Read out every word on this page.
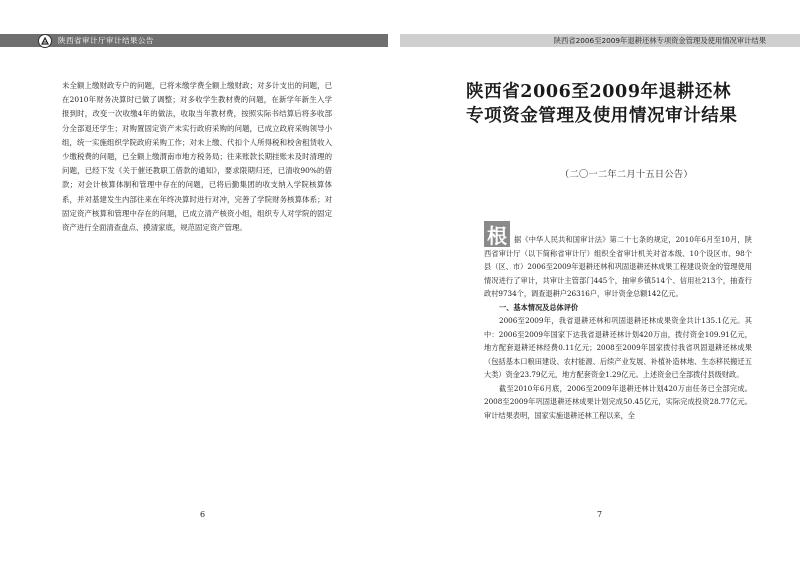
陕西省审计厅审计结果公告	陕西省2006至2009年退耕还林专项资金管理及使用情况审计结果

未全额上缴财政专户的问题，已将未缴学费全额上缴财政；对多计支出的问题，已在2010年财务决算时已做了调整；对多收学生教材费的问题，在新学年新生入学报到时，改变一次收缴4年的做法，收取当年教材费，按照实际书结算后将多收部分全部退还学生；对购置固定资产未实行政府采购的问题，已成立政府采购领导小组，统一实施组织学院政府采购工作；对未上缴、代扣个人所得税和校舍租赁收入少缴税费的问题，已全额上缴渭南市地方税务局；往来账款长期挂账未及时清理的问题，已经下发《关于催还教职工借款的通知》，要求限期归还，已清收90%的借款；对会计核算体制和管理中存在的问题，已将后勤集团的收支纳入学院核算体系，并对基建发生内部往来在年终决算时进行对冲，完善了学院财务核算体系；对固定资产核算和管理中存在的问题，已成立清产核资小组，组织专人对学院的固定资产进行全面清查盘点、摸清家底，规范固定资产管理。

陕西省2006至2009年退耕还林
专项资金管理及使用情况审计结果
（二〇一二年二月十五日公告）
根 据《中华人民共和国审计法》第二十七条的规定，2010年6月至10月，陕西省审计厅（以下简称省审计厅）组织全省审计机关对省本级、10个设区市、98个县（区、市）2006至2009年退耕还林和巩固退耕还林成果工程建设资金的管理使用情况进行了审计，共审计主管部门445个，抽审乡镇514个、信用社213个，抽查行政村9734个，调查退耕户26316户，审计资金总额142亿元。

一、基本情况及总体评价

2006至2009年，我省退耕还林和巩固退耕还林成果资金共计135.1亿元。其中：2006至2009年国家下达我省退耕还林计划420万亩，拨付资金109.91亿元，地方配套退耕还林经费0.11亿元；2008至2009年国家拨付我省巩固退耕还林成果（包括基本口粮田建设、农村能源、后续产业发展、补植补造林地、生态移民搬迁五大类）资金23.79亿元，地方配套资金1.29亿元。上述资金已全部拨付县级财政。

截至2010年6月底，2006至2009年退耕还林计划420万亩任务已全部完成。2008至2009年巩固退耕还林成果计划完成50.45亿元，实际完成投资28.77亿元。审计结果表明，国家实施退耕还林工程以来，全

6	7
